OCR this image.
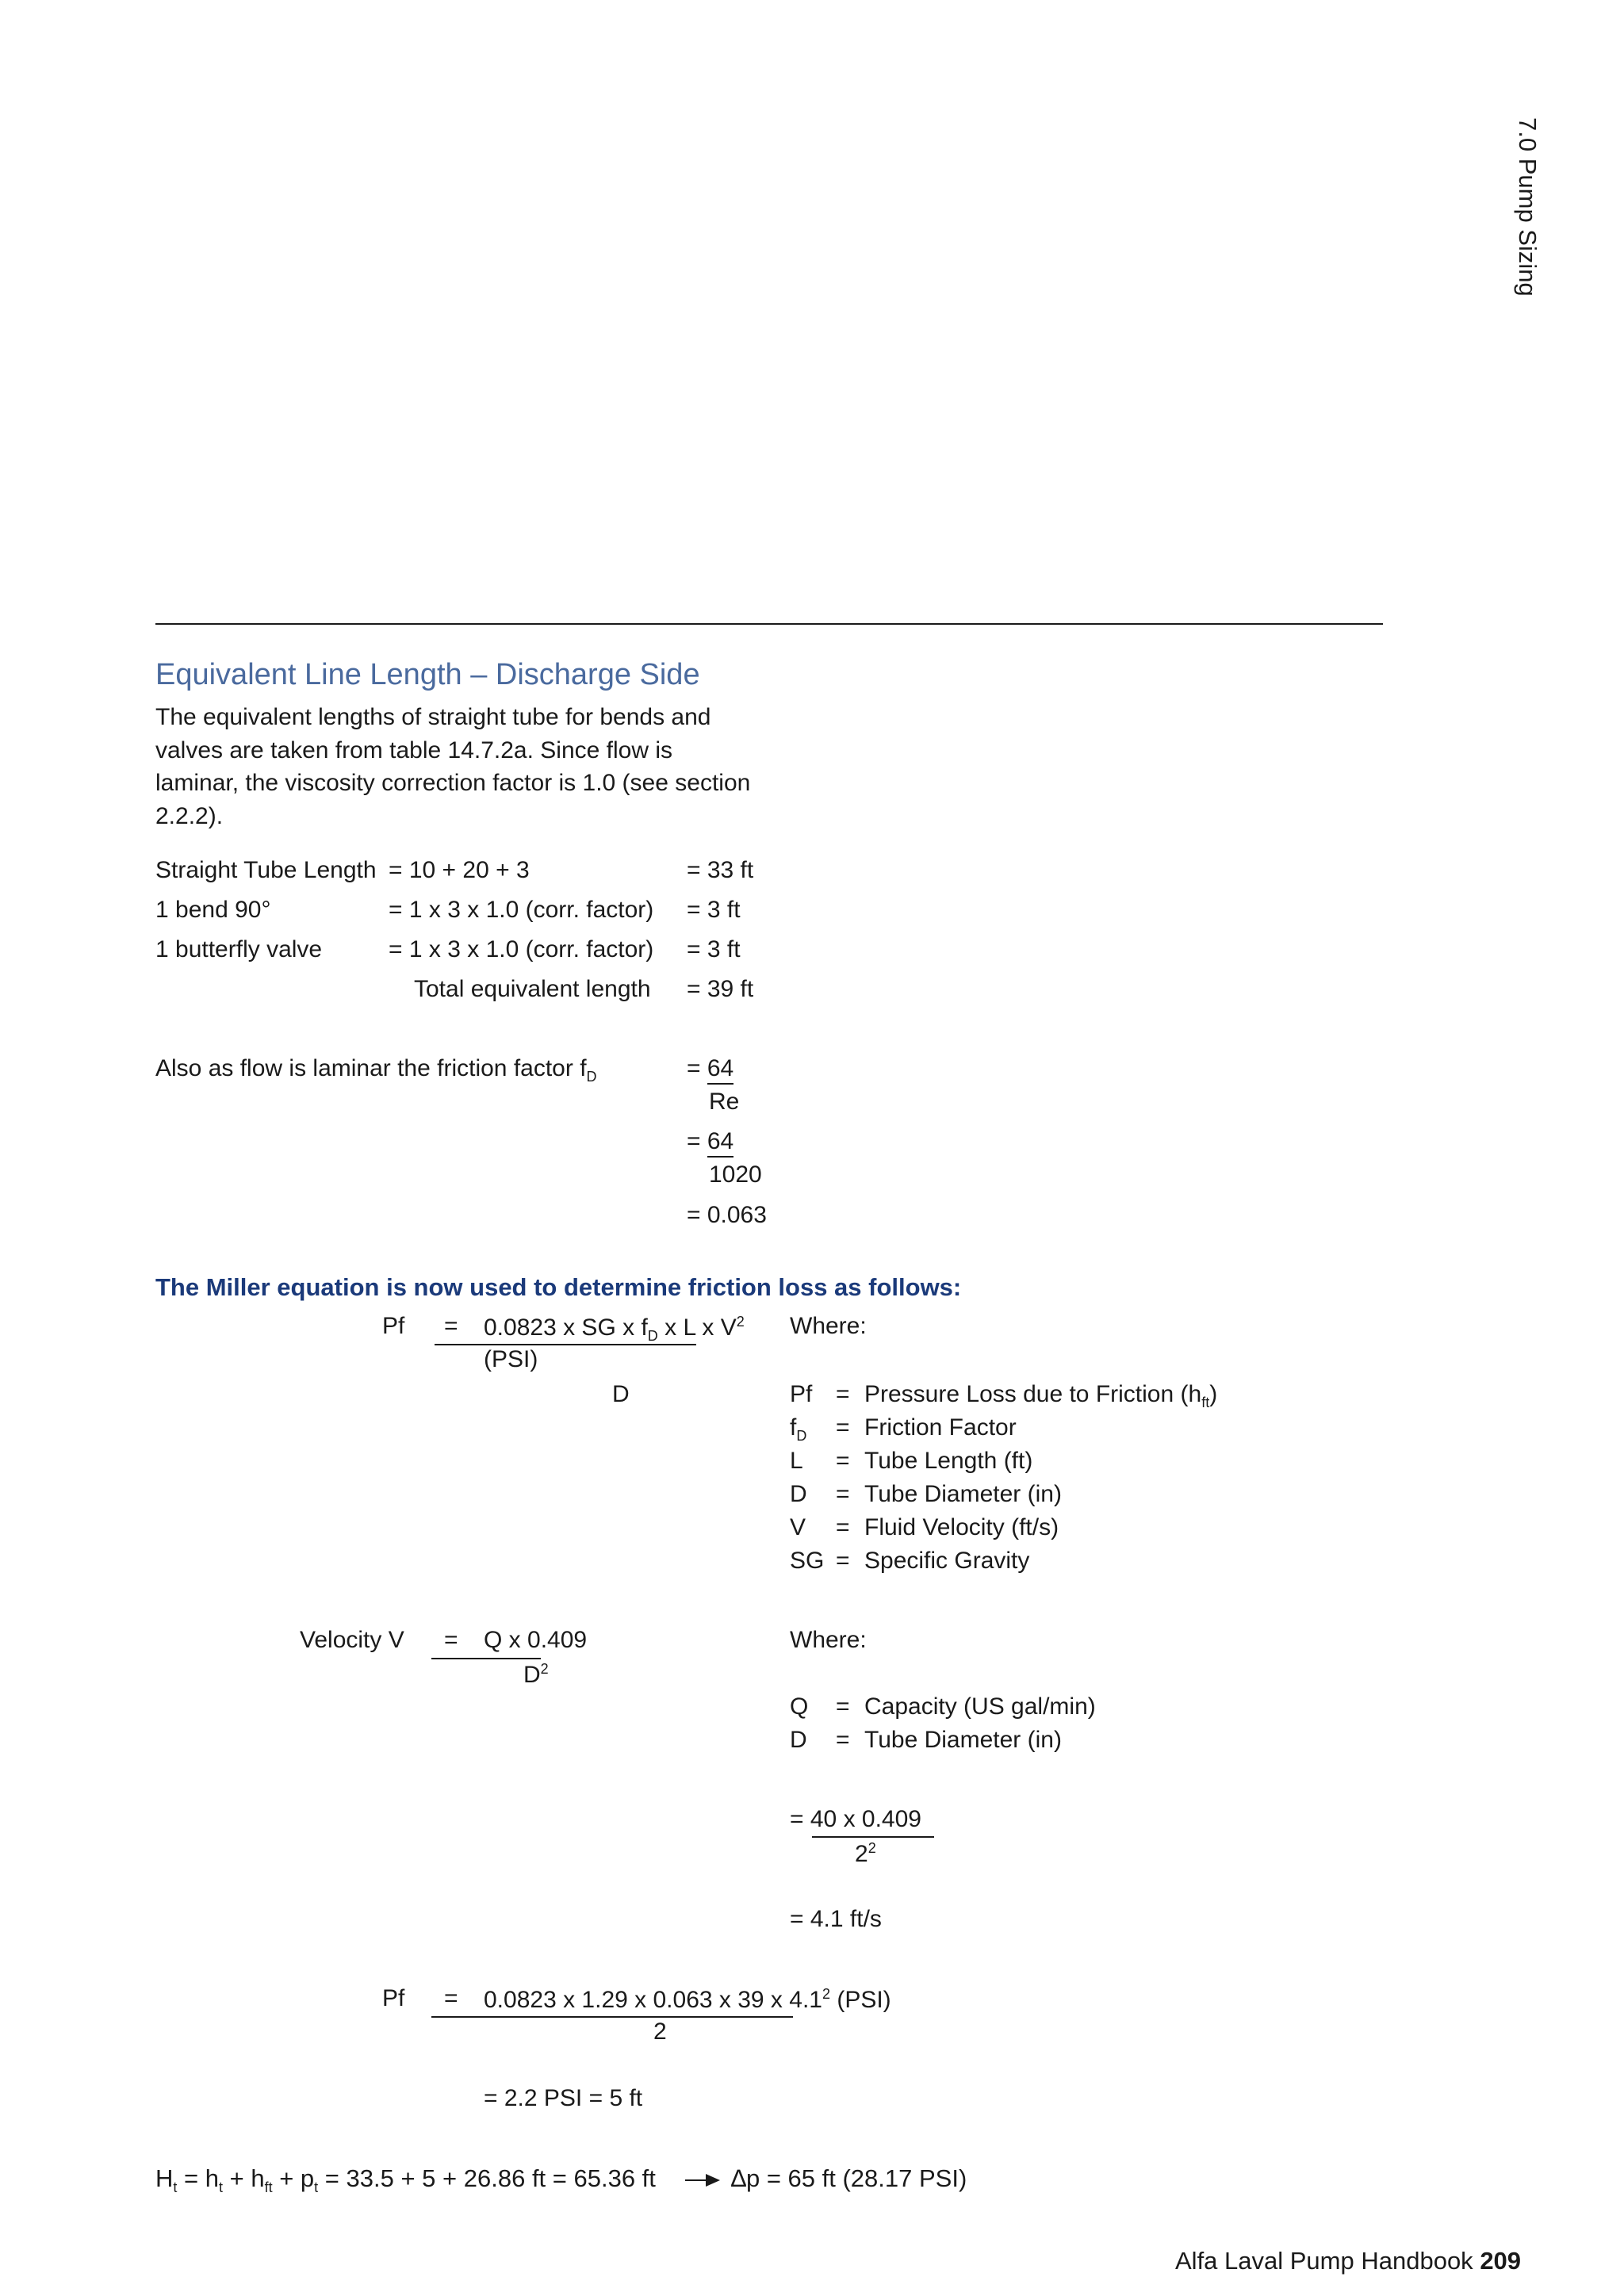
7.0 Pump Sizing
Equivalent Line Length – Discharge Side
The equivalent lengths of straight tube for bends and valves are taken from table 14.7.2a. Since flow is laminar, the viscosity correction factor is 1.0 (see section 2.2.2).
Straight Tube Length = 10 + 20 + 3	= 33 ft
1 bend 90°	= 1 x 3 x 1.0 (corr. factor) = 3 ft
1 butterfly valve	= 1 x 3 x 1.0 (corr. factor) = 3 ft
Total equivalent length = 39 ft
Also as flow is laminar the friction factor $f_D$	= 64
Re
= 64
1020
= 0.063
The Miller equation is now used to determine friction loss as follows:
Pf = 0.0823 x SG x $f_D$ x L x $V^2$
(PSI)
D
Where:
Pf = Pressure Loss due to Friction $(h_{ft})$
$f_D$ = Friction Factor
L = Tube Length (ft)
D = Tube Diameter (in)
V = Fluid Velocity (ft/s)
SG = Specific Gravity
Velocity V = Q x 0.409
$D^2$
Where:
Q = Capacity (US gal/min)
D = Tube Diameter (in)
= 40 x 0.409
$2^2$
= 4.1 ft/s
Pf = 0.0823 x 1.29 x 0.063 x 39 x $4.1^2$ (PSI)
2
= 2.2 PSI = 5 ft
$H_t = h_t + h_{ft} + p_t = 33.5 + 5 + 26.86$ ft = 65.36 ft	∆p = 65 ft (28.17 PSI)
Alfa Laval Pump Handbook 209
